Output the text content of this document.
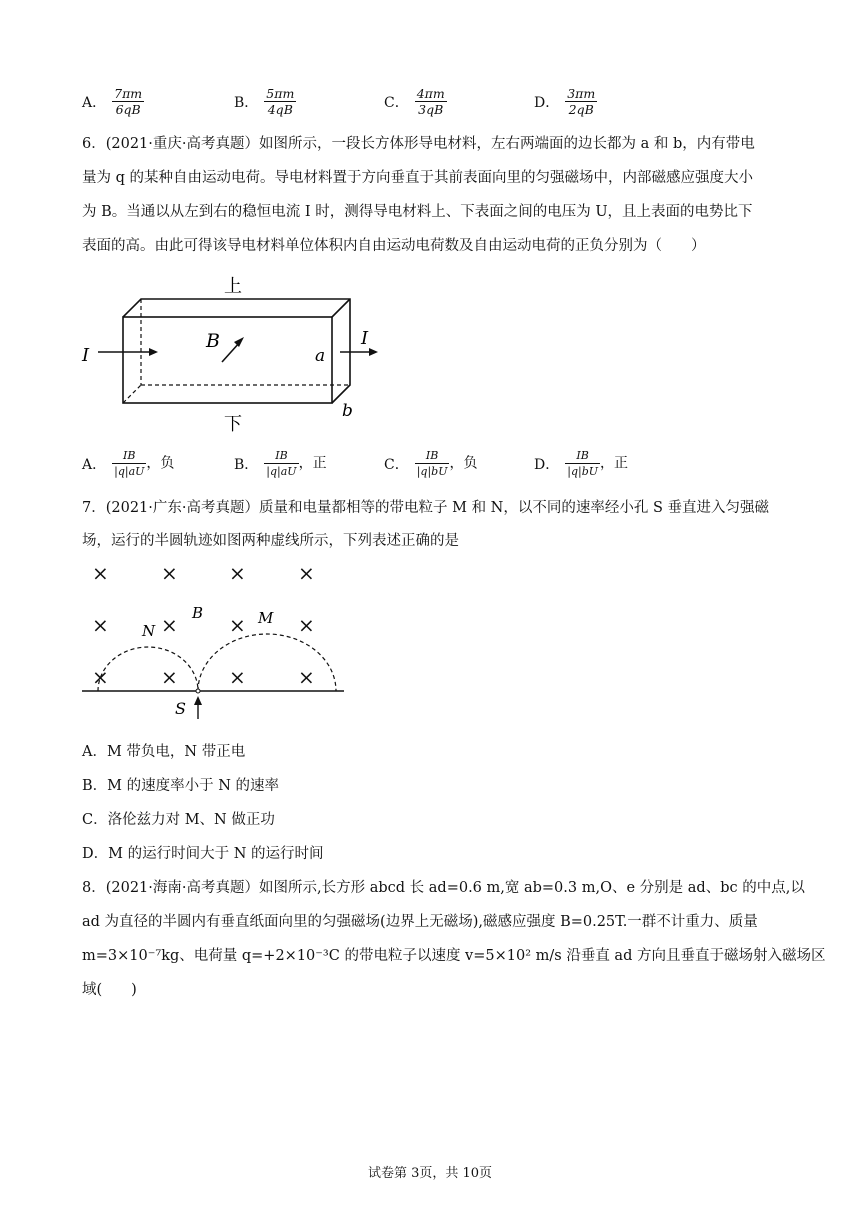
A． $\frac{7\pi m}{6qB}$	B． $\frac{5\pi m}{4qB}$	C． $\frac{4\pi m}{3qB}$	D． $\frac{3\pi m}{2qB}$
6．(2021·重庆·高考真题）如图所示，一段长方体形导电材料，左右两端面的边长都为 a 和 b，内有带电
量为 q 的某种自由运动电荷。导电材料置于方向垂直于其前表面向里的匀强磁场中，内部磁感应强度大小
为 B。当通以从左到右的稳恒电流 I 时，测得导电材料上、下表面之间的电压为 U，且上表面的电势比下
表面的高。由此可得该导电材料单位体积内自由运动电荷数及自由运动电荷的正负分别为（　　）
上
I
I
B
a
b
下
A． $\frac{IB}{|q|aU}$ ，负	B． $\frac{IB}{|q|aU}$ ，正	C． $\frac{IB}{|q|bU}$ ，负	D． $\frac{IB}{|q|bU}$ ，正
7．(2021·广东·高考真题）质量和电量都相等的带电粒子 M 和 N，以不同的速率经小孔 S 垂直进入匀强磁
场，运行的半圆轨迹如图两种虚线所示，下列表述正确的是
×	×	×	×
×	×	×	×
×	×	×	×
B
N
M
S
A．M 带负电，N 带正电
B．M 的速度率小于 N 的速率
C．洛伦兹力对 M、N 做正功
D．M 的运行时间大于 N 的运行时间
8．(2021·海南·高考真题）如图所示,长方形 abcd 长 ad=0.6 m,宽 ab=0.3 m,O、e 分别是 ad、bc 的中点,以
ad 为直径的半圆内有垂直纸面向里的匀强磁场(边界上无磁场),磁感应强度 B=0.25T.一群不计重力、质量
m=3×10⁻⁷kg、电荷量 q=+2×10⁻³C 的带电粒子以速度 v=5×10² m/s 沿垂直 ad 方向且垂直于磁场射入磁场区
域(　　)
试卷第 3页，共 10页
